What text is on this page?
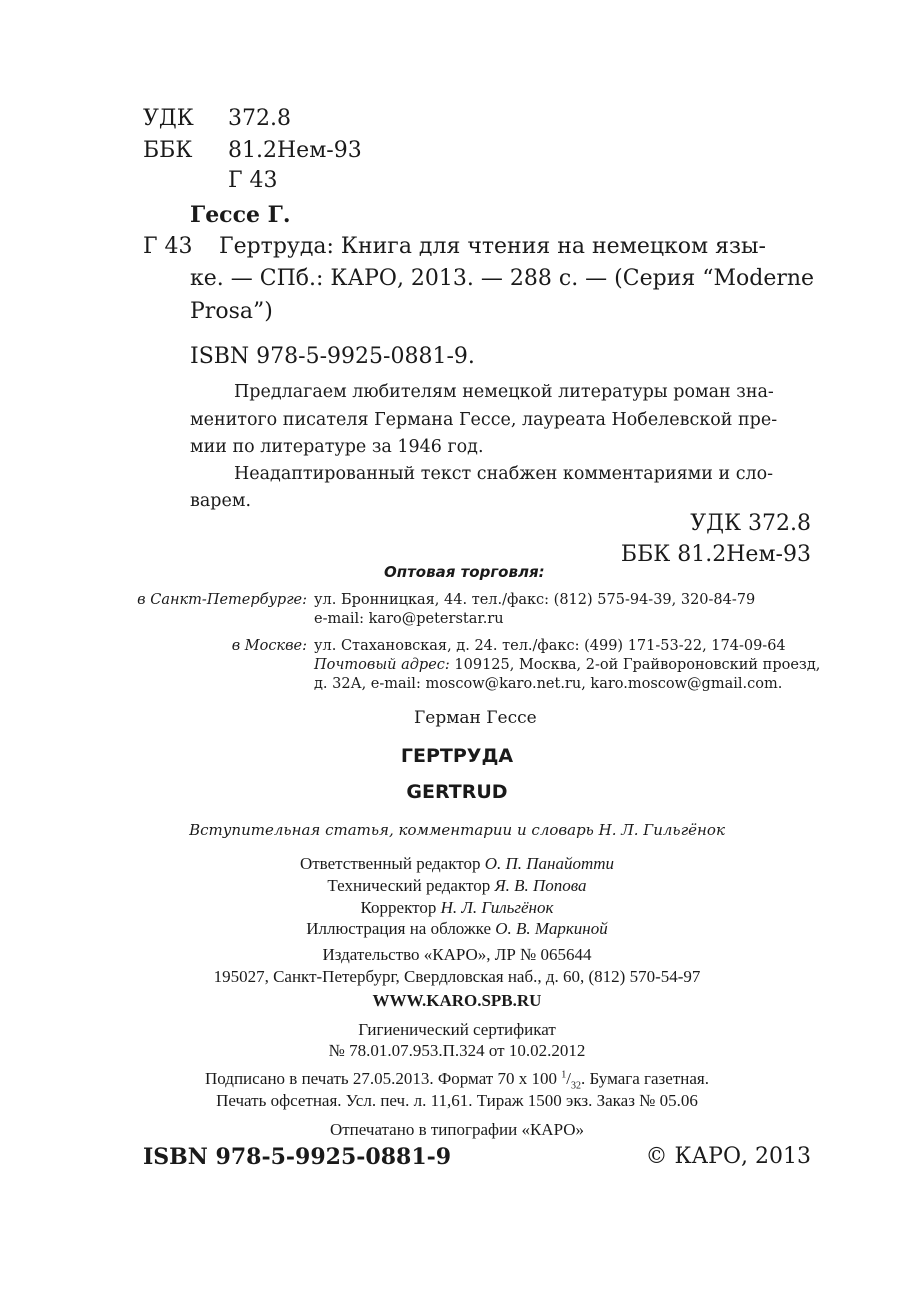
УДК 372.8
ББК 81.2Нем-93
Г 43
Гессе Г.
Г 43 Гертруда: Книга для чтения на немецком язы-
ке. — СПб.: КАРО, 2013. — 288 с. — (Серия “Moderne
Prosa”)
ISBN 978-5-9925-0881-9.
Предлагаем любителям немецкой литературы роман зна-
менитого писателя Германа Гессе, лауреата Нобелевской пре-
мии по литературе за 1946 год.
Неадаптированный текст снабжен комментариями и сло-
варем.
УДК 372.8
ББК 81.2Нем-93
Оптовая торговля:
в Санкт-Петербурге: ул. Бронницкая, 44. тел./факс: (812) 575-94-39, 320-84-79
e-mail: karo@peterstar.ru
в Москве: ул. Стахановская, д. 24. тел./факс: (499) 171-53-22, 174-09-64
Почтовый адрес: 109125, Москва, 2-ой Грайвороновский проезд,
д. 32А, e-mail: moscow@karo.net.ru, karo.moscow@gmail.com.
Герман Гессе
ГЕРТРУДА
GERTRUD
Вступительная статья, комментарии и словарь Н. Л. Гильгёнок
Ответственный редактор О. П. Панайотти
Технический редактор Я. В. Попова
Корректор Н. Л. Гильгёнок
Иллюстрация на обложке О. В. Маркиной
Издательство «КАРО», ЛР № 065644
195027, Санкт-Петербург, Свердловская наб., д. 60, (812) 570-54-97
WWW.KARO.SPB.RU
Гигиенический сертификат
№ 78.01.07.953.П.324 от 10.02.2012
Подписано в печать 27.05.2013. Формат 70 x 100 $^1/_{32}$. Бумага газетная.
Печать офсетная. Усл. печ. л. 11,61. Тираж 1500 экз. Заказ № 05.06
Отпечатано в типографии «КАРО»
ISBN 978-5-9925-0881-9	© КАРО, 2013
